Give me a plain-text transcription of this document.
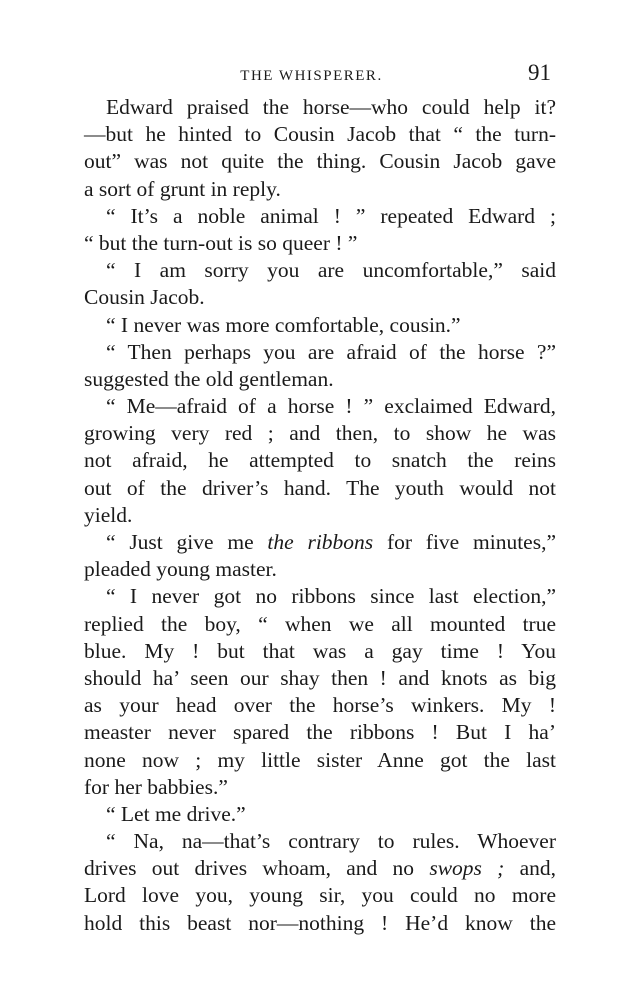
THE WHISPERER.	91
Edward praised the horse—who could help it?
—but he hinted to Cousin Jacob that “ the turn-
out” was not quite the thing. Cousin Jacob gave
a sort of grunt in reply.
“ It’s a noble animal ! ” repeated Edward ;
“ but the turn-out is so queer ! ”
“ I am sorry you are uncomfortable,” said
Cousin Jacob.
“ I never was more comfortable, cousin.”
“ Then perhaps you are afraid of the horse ?”
suggested the old gentleman.
“ Me—afraid of a horse ! ” exclaimed Edward,
growing very red ; and then, to show he was
not afraid, he attempted to snatch the reins
out of the driver’s hand. The youth would not
yield.
“ Just give me the ribbons for five minutes,”
pleaded young master.
“ I never got no ribbons since last election,”
replied the boy, “ when we all mounted true
blue. My ! but that was a gay time ! You
should ha’ seen our shay then ! and knots as big
as your head over the horse’s winkers. My !
measter never spared the ribbons ! But I ha’
none now ; my little sister Anne got the last
for her babbies.”
“ Let me drive.”
“ Na, na—that’s contrary to rules. Whoever
drives out drives whoam, and no swops ; and,
Lord love you, young sir, you could no more
hold this beast nor—nothing ! He’d know the
